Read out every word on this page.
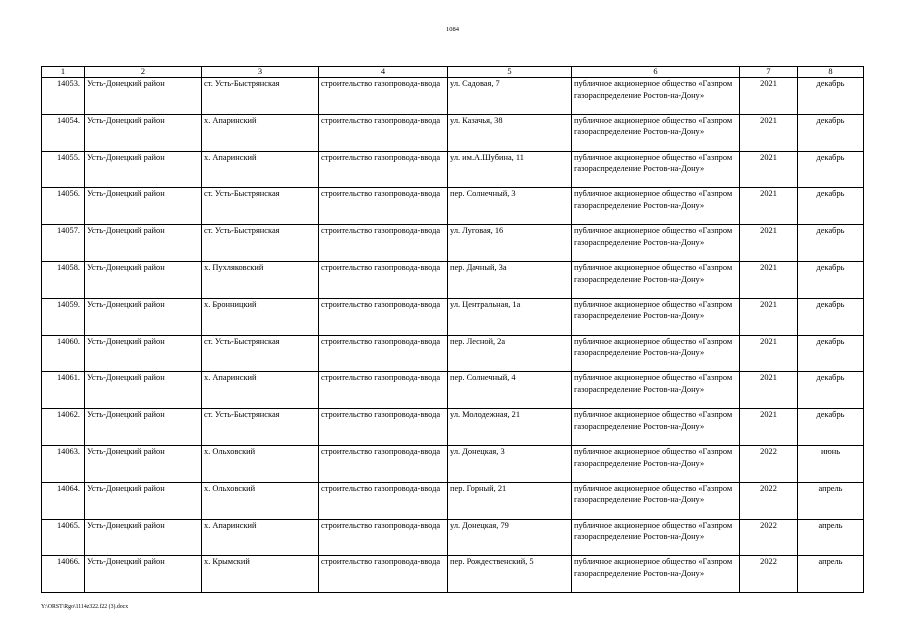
1084
1	2	3	4	5	6	7	8
14053.	Усть-Донецкий район	ст. Усть-Быстрянская	строительство газопровода-ввода	ул. Садовая, 7	публичное акционерное общество «Газпром газораспределение Ростов-на-Дону»	2021	декабрь
14054.	Усть-Донецкий район	х. Апаринский	строительство газопровода-ввода	ул. Казачья, 38	публичное акционерное общество «Газпром газораспределение Ростов-на-Дону»	2021	декабрь
14055.	Усть-Донецкий район	х. Апаринский	строительство газопровода-ввода	ул. им.А.Шубина, 11	публичное акционерное общество «Газпром газораспределение Ростов-на-Дону»	2021	декабрь
14056.	Усть-Донецкий район	ст. Усть-Быстрянская	строительство газопровода-ввода	пер. Солнечный, 3	публичное акционерное общество «Газпром газораспределение Ростов-на-Дону»	2021	декабрь
14057.	Усть-Донецкий район	ст. Усть-Быстрянская	строительство газопровода-ввода	ул. Луговая, 16	публичное акционерное общество «Газпром газораспределение Ростов-на-Дону»	2021	декабрь
14058.	Усть-Донецкий район	х. Пухляковский	строительство газопровода-ввода	пер. Дачный, 3а	публичное акционерное общество «Газпром газораспределение Ростов-на-Дону»	2021	декабрь
14059.	Усть-Донецкий район	х. Бронницкий	строительство газопровода-ввода	ул. Центральная, 1а	публичное акционерное общество «Газпром газораспределение Ростов-на-Дону»	2021	декабрь
14060.	Усть-Донецкий район	ст. Усть-Быстрянская	строительство газопровода-ввода	пер. Лесной, 2а	публичное акционерное общество «Газпром газораспределение Ростов-на-Дону»	2021	декабрь
14061.	Усть-Донецкий район	х. Апаринский	строительство газопровода-ввода	пер. Солнечный, 4	публичное акционерное общество «Газпром газораспределение Ростов-на-Дону»	2021	декабрь
14062.	Усть-Донецкий район	ст. Усть-Быстрянская	строительство газопровода-ввода	ул. Молодежная, 21	публичное акционерное общество «Газпром газораспределение Ростов-на-Дону»	2021	декабрь
14063.	Усть-Донецкий район	х. Ольховский	строительство газопровода-ввода	ул. Донецкая, 3	публичное акционерное общество «Газпром газораспределение Ростов-на-Дону»	2022	июнь
14064.	Усть-Донецкий район	х. Ольховский	строительство газопровода-ввода	пер. Горный, 21	публичное акционерное общество «Газпром газораспределение Ростов-на-Дону»	2022	апрель
14065.	Усть-Донецкий район	х. Апаринский	строительство газопровода-ввода	ул. Донецкая, 79	публичное акционерное общество «Газпром газораспределение Ростов-на-Дону»	2022	апрель
14066.	Усть-Донецкий район	х. Крымский	строительство газопровода-ввода	пер. Рождественский, 5	публичное акционерное общество «Газпром газораспределение Ростов-на-Дону»	2022	апрель
Y:\ORST\Rgo\1114z322.f22 (3).docx
